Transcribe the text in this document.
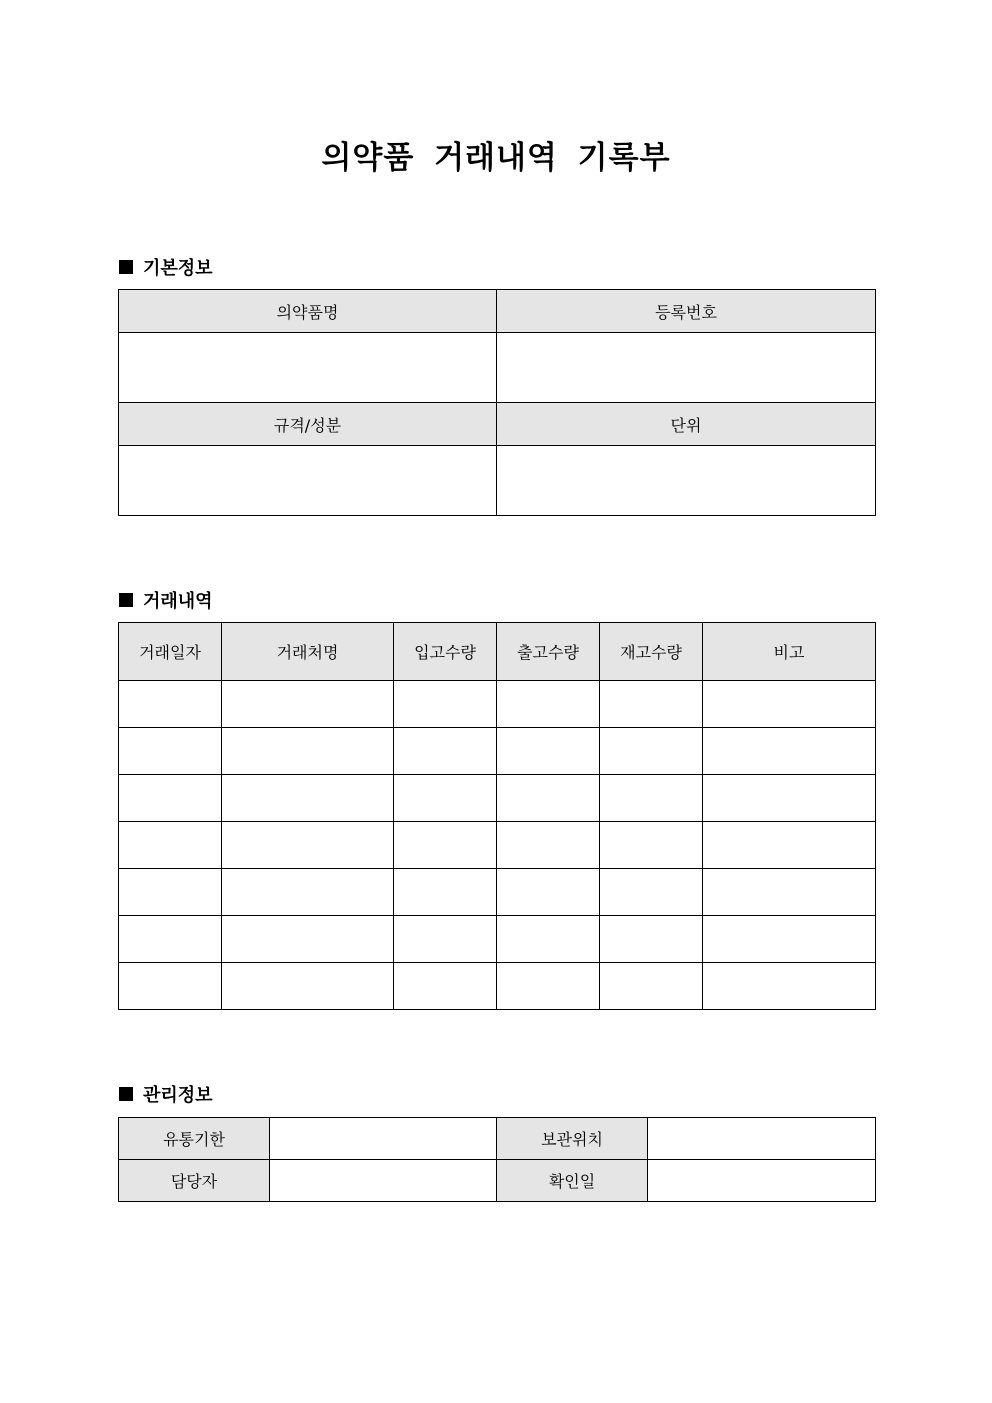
의약품 거래내역 기록부
기본정보
의약품명	등록번호

규격/성분	단위

거래내역
거래일자	거래처명	입고수량	출고수량	재고수량	비고

관리정보
유통기한		보관위치	
담당자		확인일	
